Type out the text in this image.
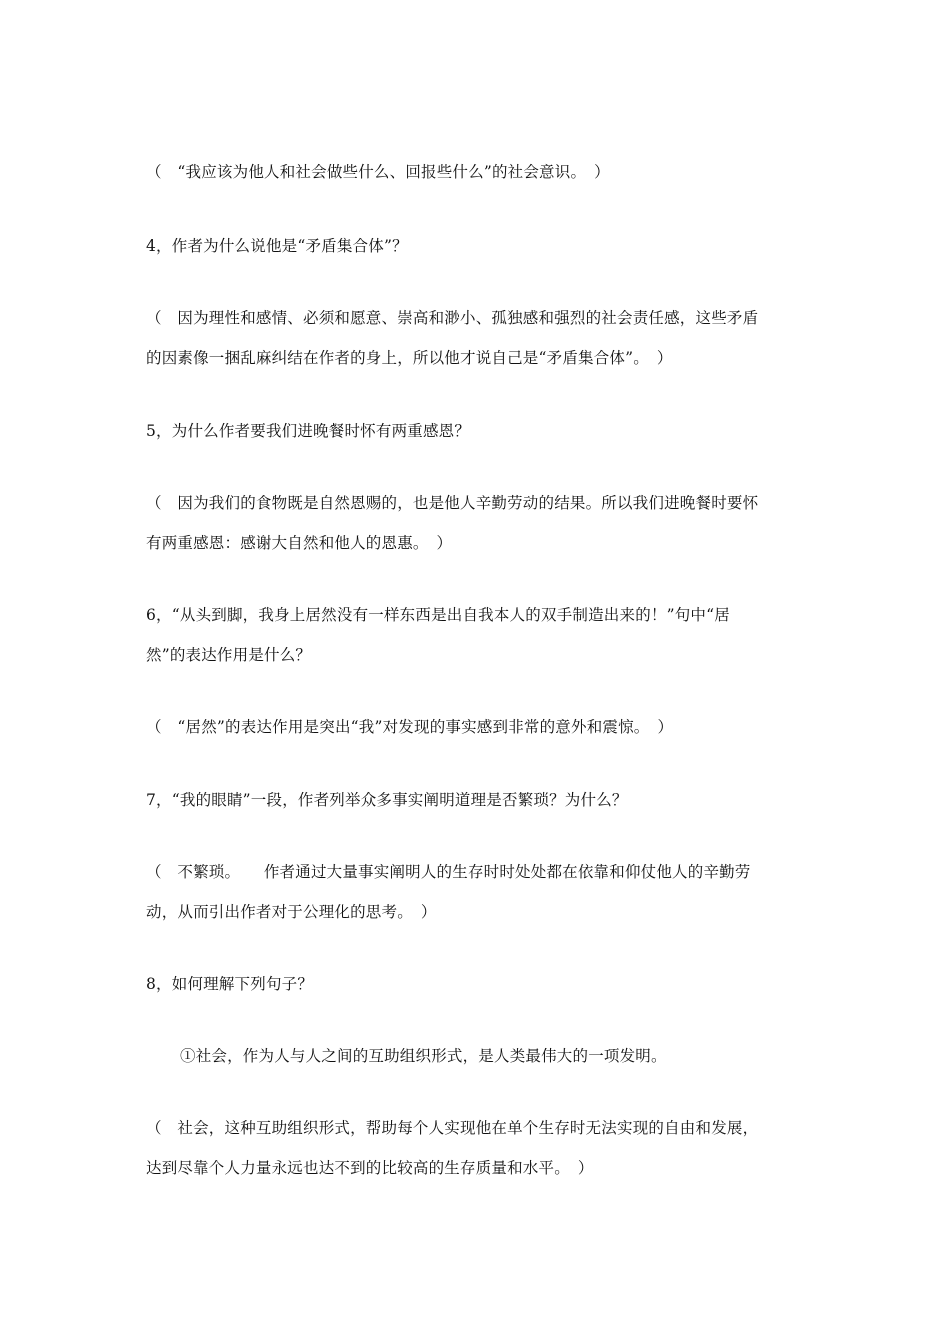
（　“我应该为他人和社会做些什么、回报些什么”的社会意识。　）
4，作者为什么说他是“矛盾集合体”？
（　因为理性和感情、必须和愿意、崇高和渺小、孤独感和强烈的社会责任感，这些矛盾
的因素像一捆乱麻纠结在作者的身上，所以他才说自己是“矛盾集合体”。　）
5，为什么作者要我们进晚餐时怀有两重感恩？
（　因为我们的食物既是自然恩赐的，也是他人辛勤劳动的结果。所以我们进晚餐时要怀
有两重感恩：感谢大自然和他人的恩惠。　）
6，“从头到脚，我身上居然没有一样东西是出自我本人的双手制造出来的！”句中“居
然”的表达作用是什么？
（　“居然”的表达作用是突出“我”对发现的事实感到非常的意外和震惊。　）
7，“我的眼睛”一段，作者列举众多事实阐明道理是否繁琐？为什么？
（　不繁琐。　　作者通过大量事实阐明人的生存时时处处都在依靠和仰仗他人的辛勤劳
动，从而引出作者对于公理化的思考。　）
8，如何理解下列句子？
①社会，作为人与人之间的互助组织形式，是人类最伟大的一项发明。
（　社会，这种互助组织形式，帮助每个人实现他在单个生存时无法实现的自由和发展，
达到尽靠个人力量永远也达不到的比较高的生存质量和水平。　）
